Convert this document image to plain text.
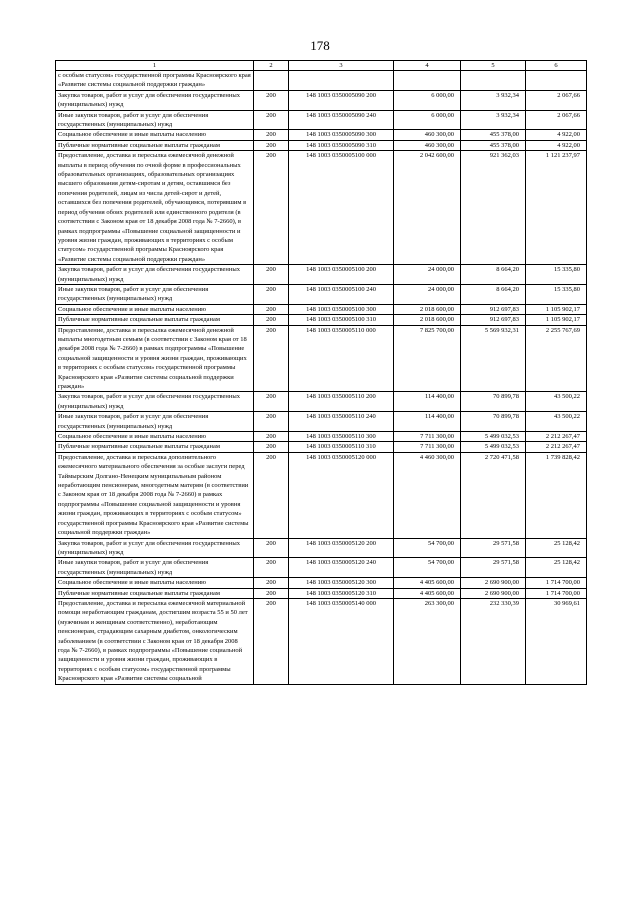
178
1	2	3	4	5	6

с особым статусом» государственной программы Красноярского края «Развитие системы социальной поддержки граждан»					

Закупка товаров, работ и услуг для обеспечения государственных (муниципальных) нужд	200	148 1003 0350005090 200	6 000,00	3 932,34	2 067,66

Иные закупки товаров, работ и услуг для обеспечения государственных (муниципальных) нужд	200	148 1003 0350005090 240	6 000,00	3 932,34	2 067,66

Социальное обеспечение и иные выплаты населению	200	148 1003 0350005090 300	460 300,00	455 378,00	4 922,00

Публичные нормативные социальные выплаты гражданам	200	148 1003 0350005090 310	460 300,00	455 378,00	4 922,00

Предоставление, доставка и пересылка ежемесячной денежной выплаты в период обучения по очной форме в профессиональных образовательных организациях, образовательных организациях высшего образования детям-сиротам и детям, оставшимся без попечения родителей, лицам из числа детей-сирот и детей, оставшихся без попечения родителей, обучающимся, потерявшим в период обучения обоих родителей или единственного родителя (в соответствии с Законом края от 18 декабря 2008 года № 7-2660), в рамках подпрограммы «Повышение социальной защищенности и уровня жизни граждан, проживающих в территориях с особым статусом» государственной программы Красноярского края «Развитие системы социальной поддержки граждан»	200	148 1003 0350005100 000	2 042 600,00	921 362,03	1 121 237,97

Закупка товаров, работ и услуг для обеспечения государственных (муниципальных) нужд	200	148 1003 0350005100 200	24 000,00	8 664,20	15 335,80

Иные закупки товаров, работ и услуг для обеспечения государственных (муниципальных) нужд	200	148 1003 0350005100 240	24 000,00	8 664,20	15 335,80

Социальное обеспечение и иные выплаты населению	200	148 1003 0350005100 300	2 018 600,00	912 697,83	1 105 902,17

Публичные нормативные социальные выплаты гражданам	200	148 1003 0350005100 310	2 018 600,00	912 697,83	1 105 902,17

Предоставление, доставка и пересылка ежемесячной денежной выплаты многодетным семьям (в соответствии с Законом края от 18 декабря 2008 года № 7-2660) в рамках подпрограммы «Повышение социальной защищенности и уровня жизни граждан, проживающих в территориях с особым статусом» государственной программы Красноярского края «Развитие системы социальной поддержки граждан»	200	148 1003 0350005110 000	7 825 700,00	5 569 932,31	2 255 767,69

Закупка товаров, работ и услуг для обеспечения государственных (муниципальных) нужд	200	148 1003 0350005110 200	114 400,00	70 899,78	43 500,22

Иные закупки товаров, работ и услуг для обеспечения государственных (муниципальных) нужд	200	148 1003 0350005110 240	114 400,00	70 899,78	43 500,22

Социальное обеспечение и иные выплаты населению	200	148 1003 0350005110 300	7 711 300,00	5 499 032,53	2 212 267,47

Публичные нормативные социальные выплаты гражданам	200	148 1003 0350005110 310	7 711 300,00	5 499 032,53	2 212 267,47

Предоставление, доставка и пересылка дополнительного ежемесячного материального обеспечения за особые заслуги перед Таймырским Долгано-Ненецким муниципальным районом неработающим пенсионерам, многодетным матерям (в соответствии с Законом края от 18 декабря 2008 года № 7-2660) в рамках подпрограммы «Повышение социальной защищенности и уровня жизни граждан, проживающих в территориях с особым статусом» государственной программы Красноярского края «Развитие системы социальной поддержки граждан»	200	148 1003 0350005120 000	4 460 300,00	2 720 471,58	1 739 828,42

Закупка товаров, работ и услуг для обеспечения государственных (муниципальных) нужд	200	148 1003 0350005120 200	54 700,00	29 571,58	25 128,42

Иные закупки товаров, работ и услуг для обеспечения государственных (муниципальных) нужд	200	148 1003 0350005120 240	54 700,00	29 571,58	25 128,42

Социальное обеспечение и иные выплаты населению	200	148 1003 0350005120 300	4 405 600,00	2 690 900,00	1 714 700,00

Публичные нормативные социальные выплаты гражданам	200	148 1003 0350005120 310	4 405 600,00	2 690 900,00	1 714 700,00

Предоставление, доставка и пересылка ежемесячной материальной помощи неработающим гражданам, достигшим возраста 55 и 50 лет (мужчинам и женщинам соответственно), неработающим пенсионерам, страдающим сахарным диабетом, онкологическим заболеванием (в соответствии с Законом края от 18 декабря 2008 года № 7-2660), в рамках подпрограммы «Повышение социальной защищенности и уровня жизни граждан, проживающих в территориях с особым статусом» государственной программы Красноярского края «Развитие системы социальной	200	148 1003 0350005140 000	263 300,00	232 330,39	30 969,61
